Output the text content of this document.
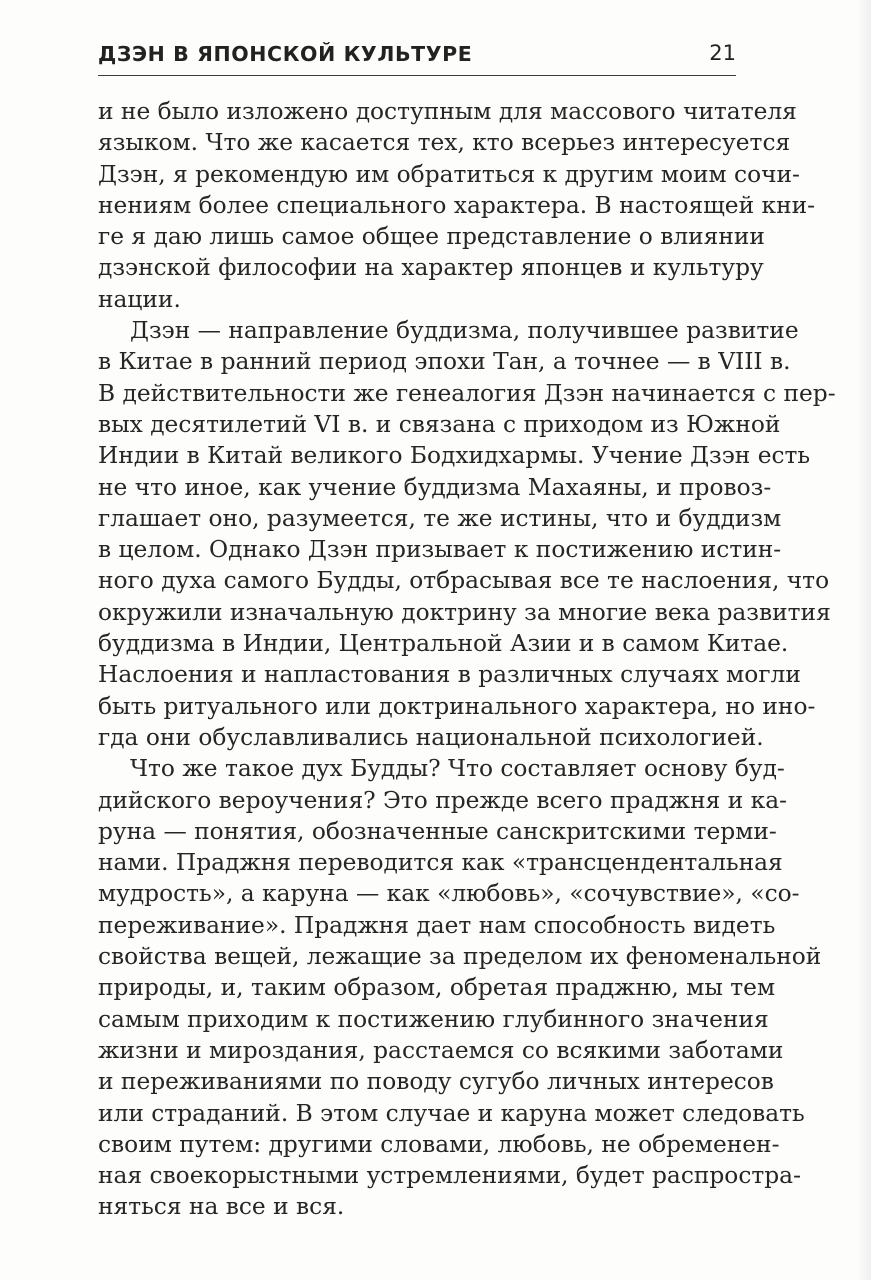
ДЗЭН В ЯПОНСКОЙ КУЛЬТУРЕ	21
и не было изложено доступным для массового читателя
языком. Что же касается тех, кто всерьез интересуется
Дзэн, я рекомендую им обратиться к другим моим сочи-
нениям более специального характера. В настоящей кни-
ге я даю лишь самое общее представление о влиянии
дзэнской философии на характер японцев и культуру
нации.
Дзэн — направление буддизма, получившее развитие
в Китае в ранний период эпохи Тан, а точнее — в VIII в.
В действительности же генеалогия Дзэн начинается с пер-
вых десятилетий VI в. и связана с приходом из Южной
Индии в Китай великого Бодхидхармы. Учение Дзэн есть
не что иное, как учение буддизма Махаяны, и провоз-
глашает оно, разумеется, те же истины, что и буддизм
в целом. Однако Дзэн призывает к постижению истин-
ного духа самого Будды, отбрасывая все те наслоения, что
окружили изначальную доктрину за многие века развития
буддизма в Индии, Центральной Азии и в самом Китае.
Наслоения и напластования в различных случаях могли
быть ритуального или доктринального характера, но ино-
гда они обуславливались национальной психологией.
Что же такое дух Будды? Что составляет основу буд-
дийского вероучения? Это прежде всего праджня и ка-
руна — понятия, обозначенные санскритскими терми-
нами. Праджня переводится как «трансцендентальная
мудрость», а каруна — как «любовь», «сочувствие», «со-
переживание». Праджня дает нам способность видеть
свойства вещей, лежащие за пределом их феноменальной
природы, и, таким образом, обретая праджню, мы тем
самым приходим к постижению глубинного значения
жизни и мироздания, расстаемся со всякими заботами
и переживаниями по поводу сугубо личных интересов
или страданий. В этом случае и каруна может следовать
своим путем: другими словами, любовь, не обременен-
ная своекорыстными устремлениями, будет распростра-
няться на все и вся.
